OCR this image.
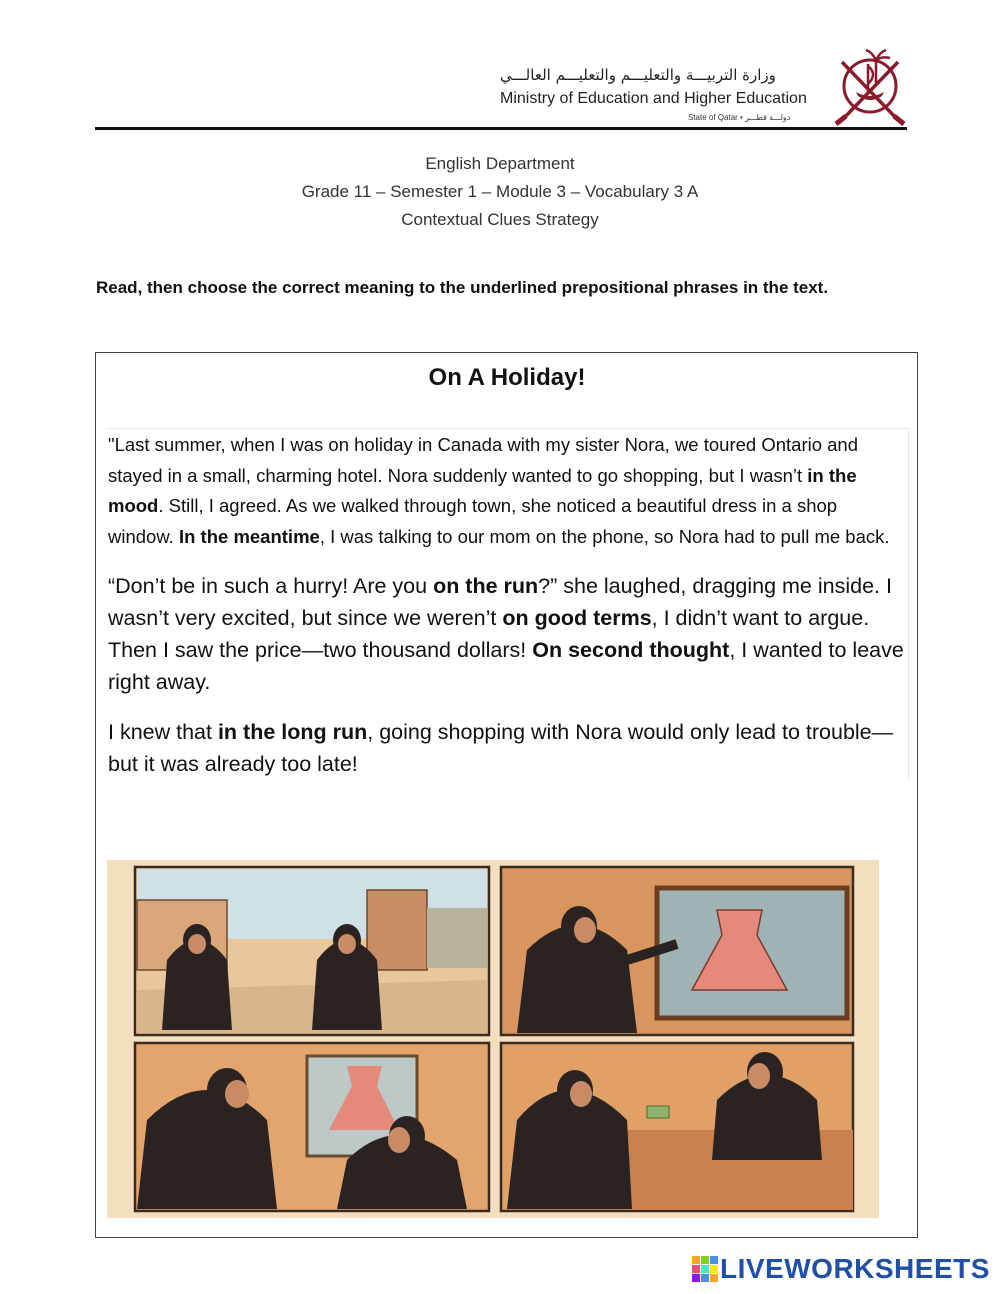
وزارة التربيـــة والتعليـــم والتعليـــم العالـــي
Ministry of Education and Higher Education
State of Qatar • دولـــة قطـــر
English Department
Grade 11 – Semester 1 – Module 3 – Vocabulary 3 A
Contextual Clues Strategy
Read, then choose the correct meaning to the underlined prepositional phrases in the text.
On A Holiday!

"Last summer, when I was on holiday in Canada with my sister Nora, we toured Ontario and stayed in a small, charming hotel. Nora suddenly wanted to go shopping, but I wasn’t in the mood. Still, I agreed. As we walked through town, she noticed a beautiful dress in a shop window. In the meantime, I was talking to our mom on the phone, so Nora had to pull me back.

“Don’t be in such a hurry! Are you on the run?” she laughed, dragging me inside. I wasn’t very excited, but since we weren’t on good terms, I didn’t want to argue. Then I saw the price—two thousand dollars! On second thought, I wanted to leave right away.

I knew that in the long run, going shopping with Nora would only lead to trouble—but it was already too late!

LIVEWORKSHEETS
